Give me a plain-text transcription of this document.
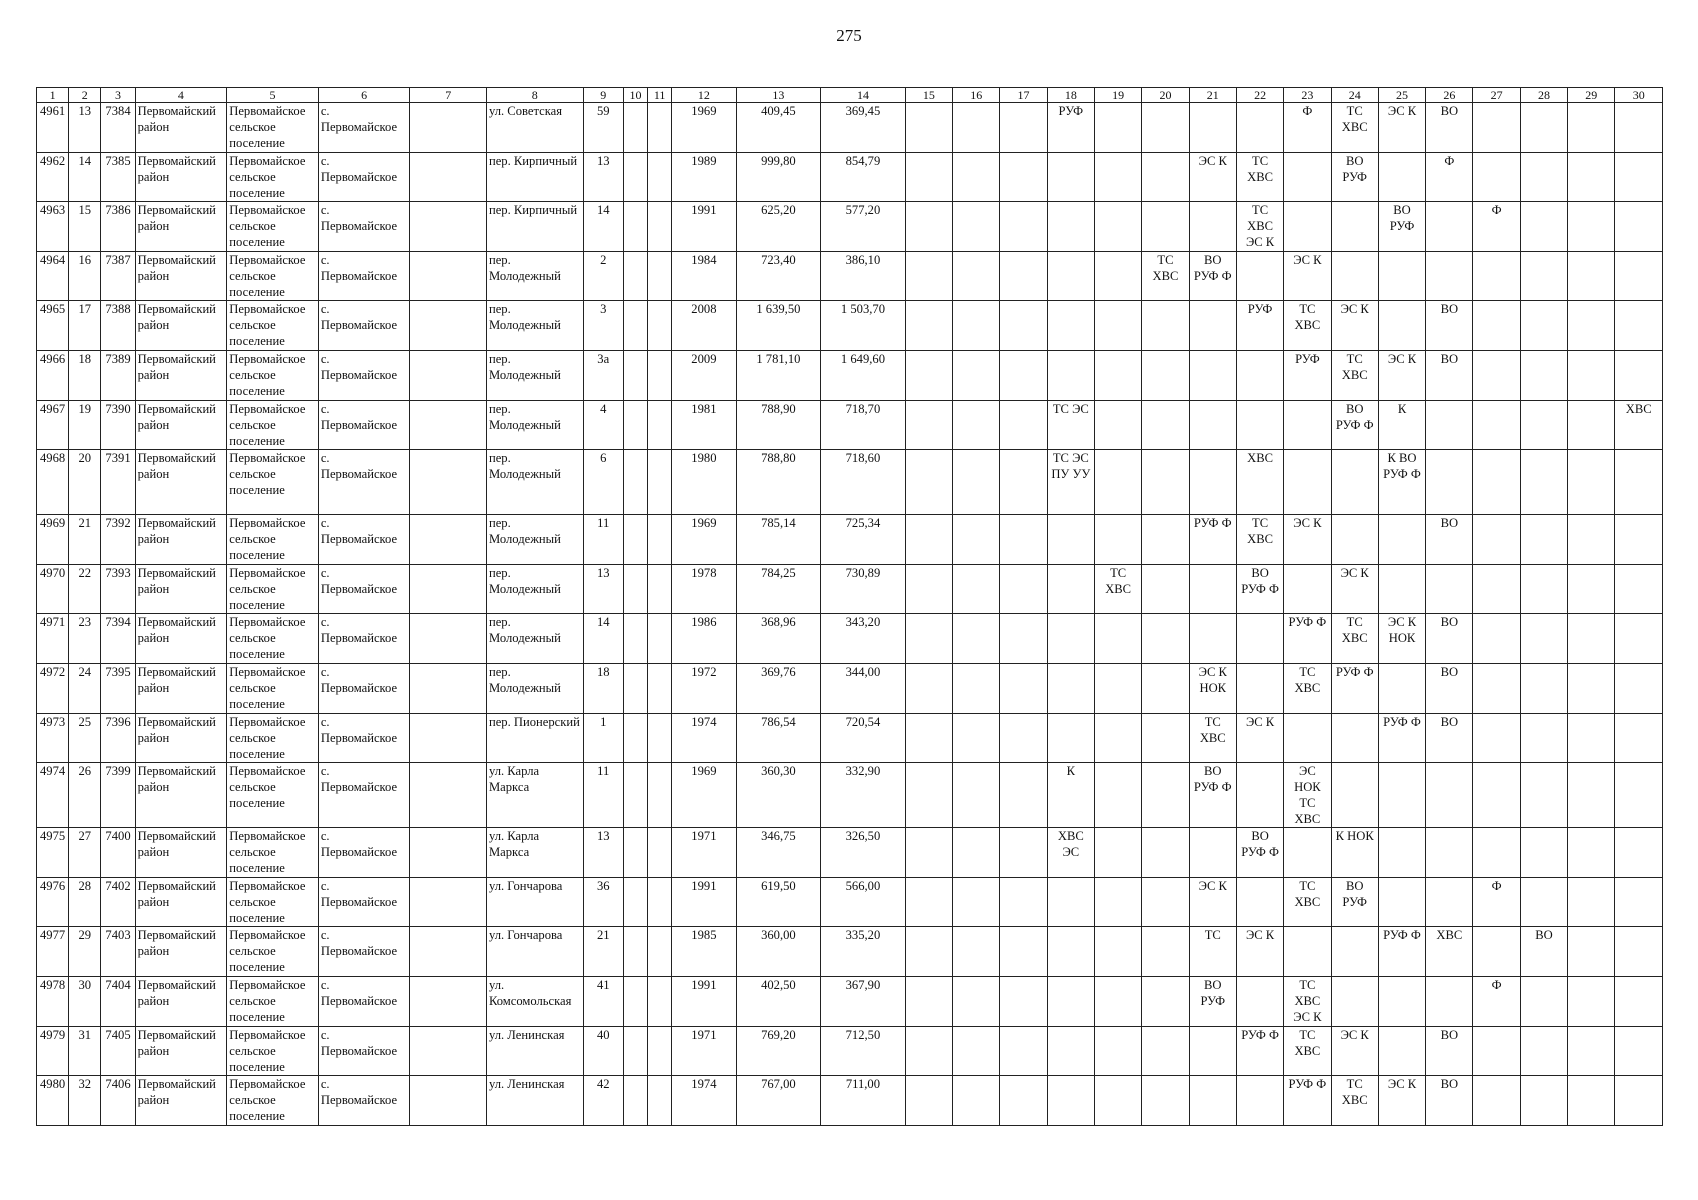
275
1	2	3	4	5	6	7	8	9	10	11	12	13	14	15	16	17	18	19	20	21	22	23	24	25	26	27	28	29	30
4961	13	7384	Первомайский район	Первомайское сельское поселение	с. Первомайское		ул. Советская	59			1969	409,45	369,45				РУФ					Ф	ТС ХВС	ЭС К	ВО				
4962	14	7385	Первомайский район	Первомайское сельское поселение	с. Первомайское		пер. Кирпичный	13			1989	999,80	854,79							ЭС К	ТС ХВС		ВО РУФ		Ф				
4963	15	7386	Первомайский район	Первомайское сельское поселение	с. Первомайское		пер. Кирпичный	14			1991	625,20	577,20								ТС ХВС ЭС К			ВО РУФ		Ф			
4964	16	7387	Первомайский район	Первомайское сельское поселение	с. Первомайское		пер. Молодежный	2			1984	723,40	386,10						ТС ХВС	ВО РУФ Ф		ЭС К							
4965	17	7388	Первомайский район	Первомайское сельское поселение	с. Первомайское		пер. Молодежный	3			2008	1 639,50	1 503,70								РУФ	ТС ХВС	ЭС К		ВО				
4966	18	7389	Первомайский район	Первомайское сельское поселение	с. Первомайское		пер. Молодежный	3а			2009	1 781,10	1 649,60									РУФ	ТС ХВС	ЭС К	ВО				
4967	19	7390	Первомайский район	Первомайское сельское поселение	с. Первомайское		пер. Молодежный	4			1981	788,90	718,70				ТС ЭС						ВО РУФ Ф	К					ХВС
4968	20	7391	Первомайский район	Первомайское сельское поселение	с. Первомайское		пер. Молодежный	6			1980	788,80	718,60				ТС ЭС ПУ УУ				ХВС			К ВО РУФ Ф					
4969	21	7392	Первомайский район	Первомайское сельское поселение	с. Первомайское		пер. Молодежный	11			1969	785,14	725,34							РУФ Ф	ТС ХВС	ЭС К			ВО				
4970	22	7393	Первомайский район	Первомайское сельское поселение	с. Первомайское		пер. Молодежный	13			1978	784,25	730,89					ТС ХВС			ВО РУФ Ф		ЭС К						
4971	23	7394	Первомайский район	Первомайское сельское поселение	с. Первомайское		пер. Молодежный	14			1986	368,96	343,20									РУФ Ф	ТС ХВС	ЭС К НОК	ВО				
4972	24	7395	Первомайский район	Первомайское сельское поселение	с. Первомайское		пер. Молодежный	18			1972	369,76	344,00							ЭС К НОК		ТС ХВС	РУФ Ф		ВО				
4973	25	7396	Первомайский район	Первомайское сельское поселение	с. Первомайское		пер. Пионерский	1			1974	786,54	720,54							ТС ХВС	ЭС К			РУФ Ф	ВО				
4974	26	7399	Первомайский район	Первомайское сельское поселение	с. Первомайское		ул. Карла Маркса	11			1969	360,30	332,90				К			ВО РУФ Ф		ЭС НОК ТС ХВС							
4975	27	7400	Первомайский район	Первомайское сельское поселение	с. Первомайское		ул. Карла Маркса	13			1971	346,75	326,50				ХВС ЭС				ВО РУФ Ф		К НОК						
4976	28	7402	Первомайский район	Первомайское сельское поселение	с. Первомайское		ул. Гончарова	36			1991	619,50	566,00							ЭС К		ТС ХВС	ВО РУФ			Ф			
4977	29	7403	Первомайский район	Первомайское сельское поселение	с. Первомайское		ул. Гончарова	21			1985	360,00	335,20							ТС	ЭС К			РУФ Ф	ХВС		ВО		
4978	30	7404	Первомайский район	Первомайское сельское поселение	с. Первомайское		ул. Комсомольская	41			1991	402,50	367,90							ВО РУФ		ТС ХВС ЭС К				Ф			
4979	31	7405	Первомайский район	Первомайское сельское поселение	с. Первомайское		ул. Ленинская	40			1971	769,20	712,50								РУФ Ф	ТС ХВС	ЭС К		ВО				
4980	32	7406	Первомайский район	Первомайское сельское поселение	с. Первомайское		ул. Ленинская	42			1974	767,00	711,00									РУФ Ф	ТС ХВС	ЭС К	ВО				
